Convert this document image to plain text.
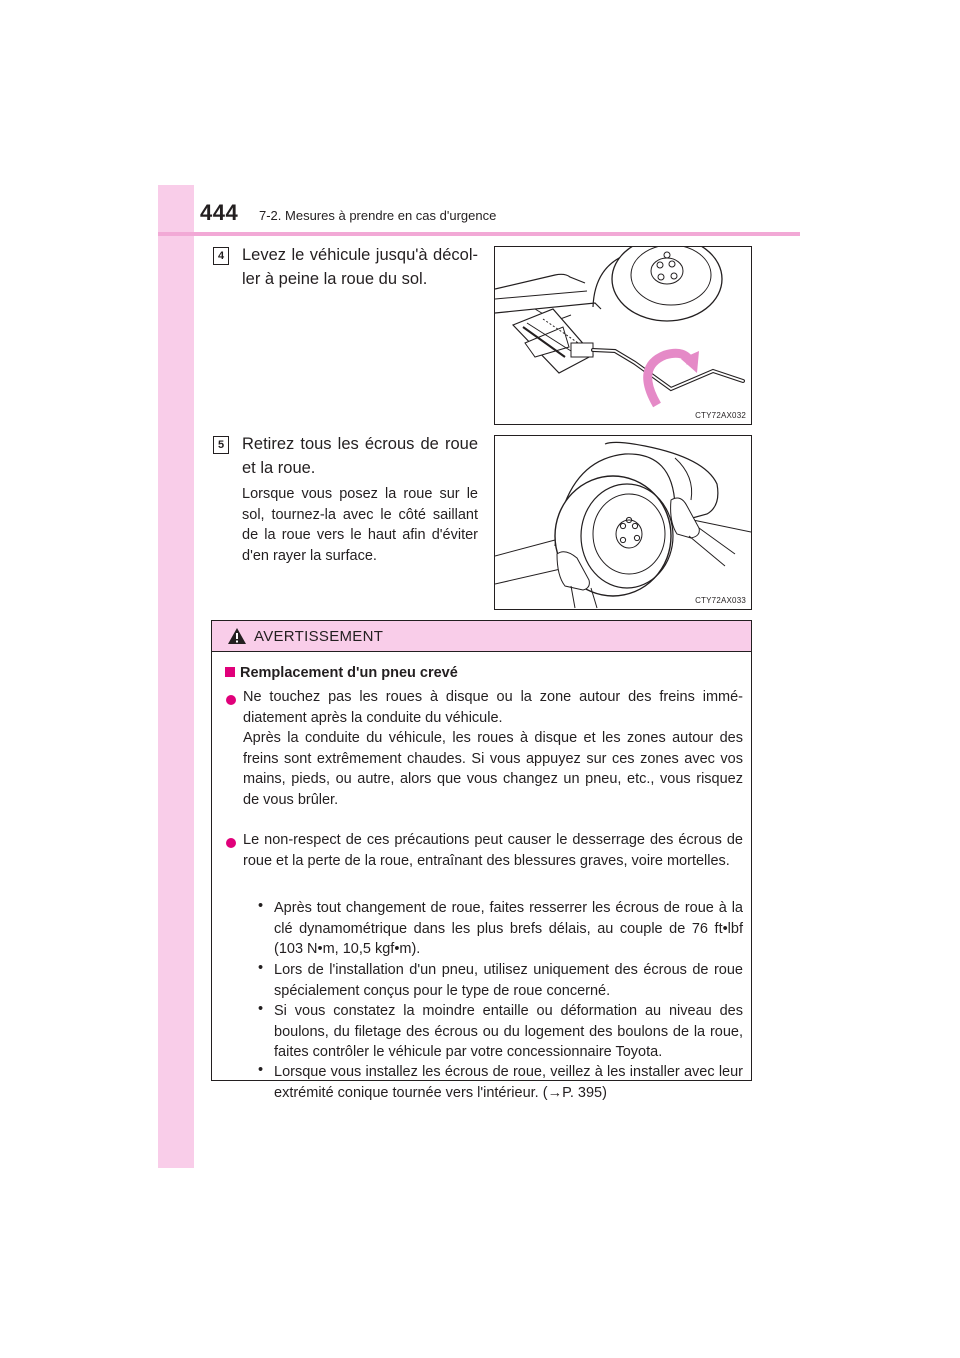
444 7-2. Mesures à prendre en cas d'urgence
4 Levez le véhicule jusqu'à décol-ler à peine la roue du sol.
CTY72AX032
5 Retirez tous les écrous de roue et la roue.
Lorsque vous posez la roue sur le sol, tournez-la avec le côté saillant de la roue vers le haut afin d'éviter d'en rayer la surface.
CTY72AX033
AVERTISSEMENT
Remplacement d'un pneu crevé
Ne touchez pas les roues à disque ou la zone autour des freins immé-diatement après la conduite du véhicule.
Après la conduite du véhicule, les roues à disque et les zones autour des freins sont extrêmement chaudes. Si vous appuyez sur ces zones avec vos mains, pieds, ou autre, alors que vous changez un pneu, etc., vous risquez de vous brûler.
Le non-respect de ces précautions peut causer le desserrage des écrous de roue et la perte de la roue, entraînant des blessures graves, voire mortelles.
• Après tout changement de roue, faites resserrer les écrous de roue à la clé dynamométrique dans les plus brefs délais, au couple de 76 ft•lbf (103 N•m, 10,5 kgf•m).
• Lors de l'installation d'un pneu, utilisez uniquement des écrous de roue spécialement conçus pour le type de roue concerné.
• Si vous constatez la moindre entaille ou déformation au niveau des boulons, du filetage des écrous ou du logement des boulons de la roue, faites contrôler le véhicule par votre concessionnaire Toyota.
• Lorsque vous installez les écrous de roue, veillez à les installer avec leur extrémité conique tournée vers l'intérieur. (→P. 395)
